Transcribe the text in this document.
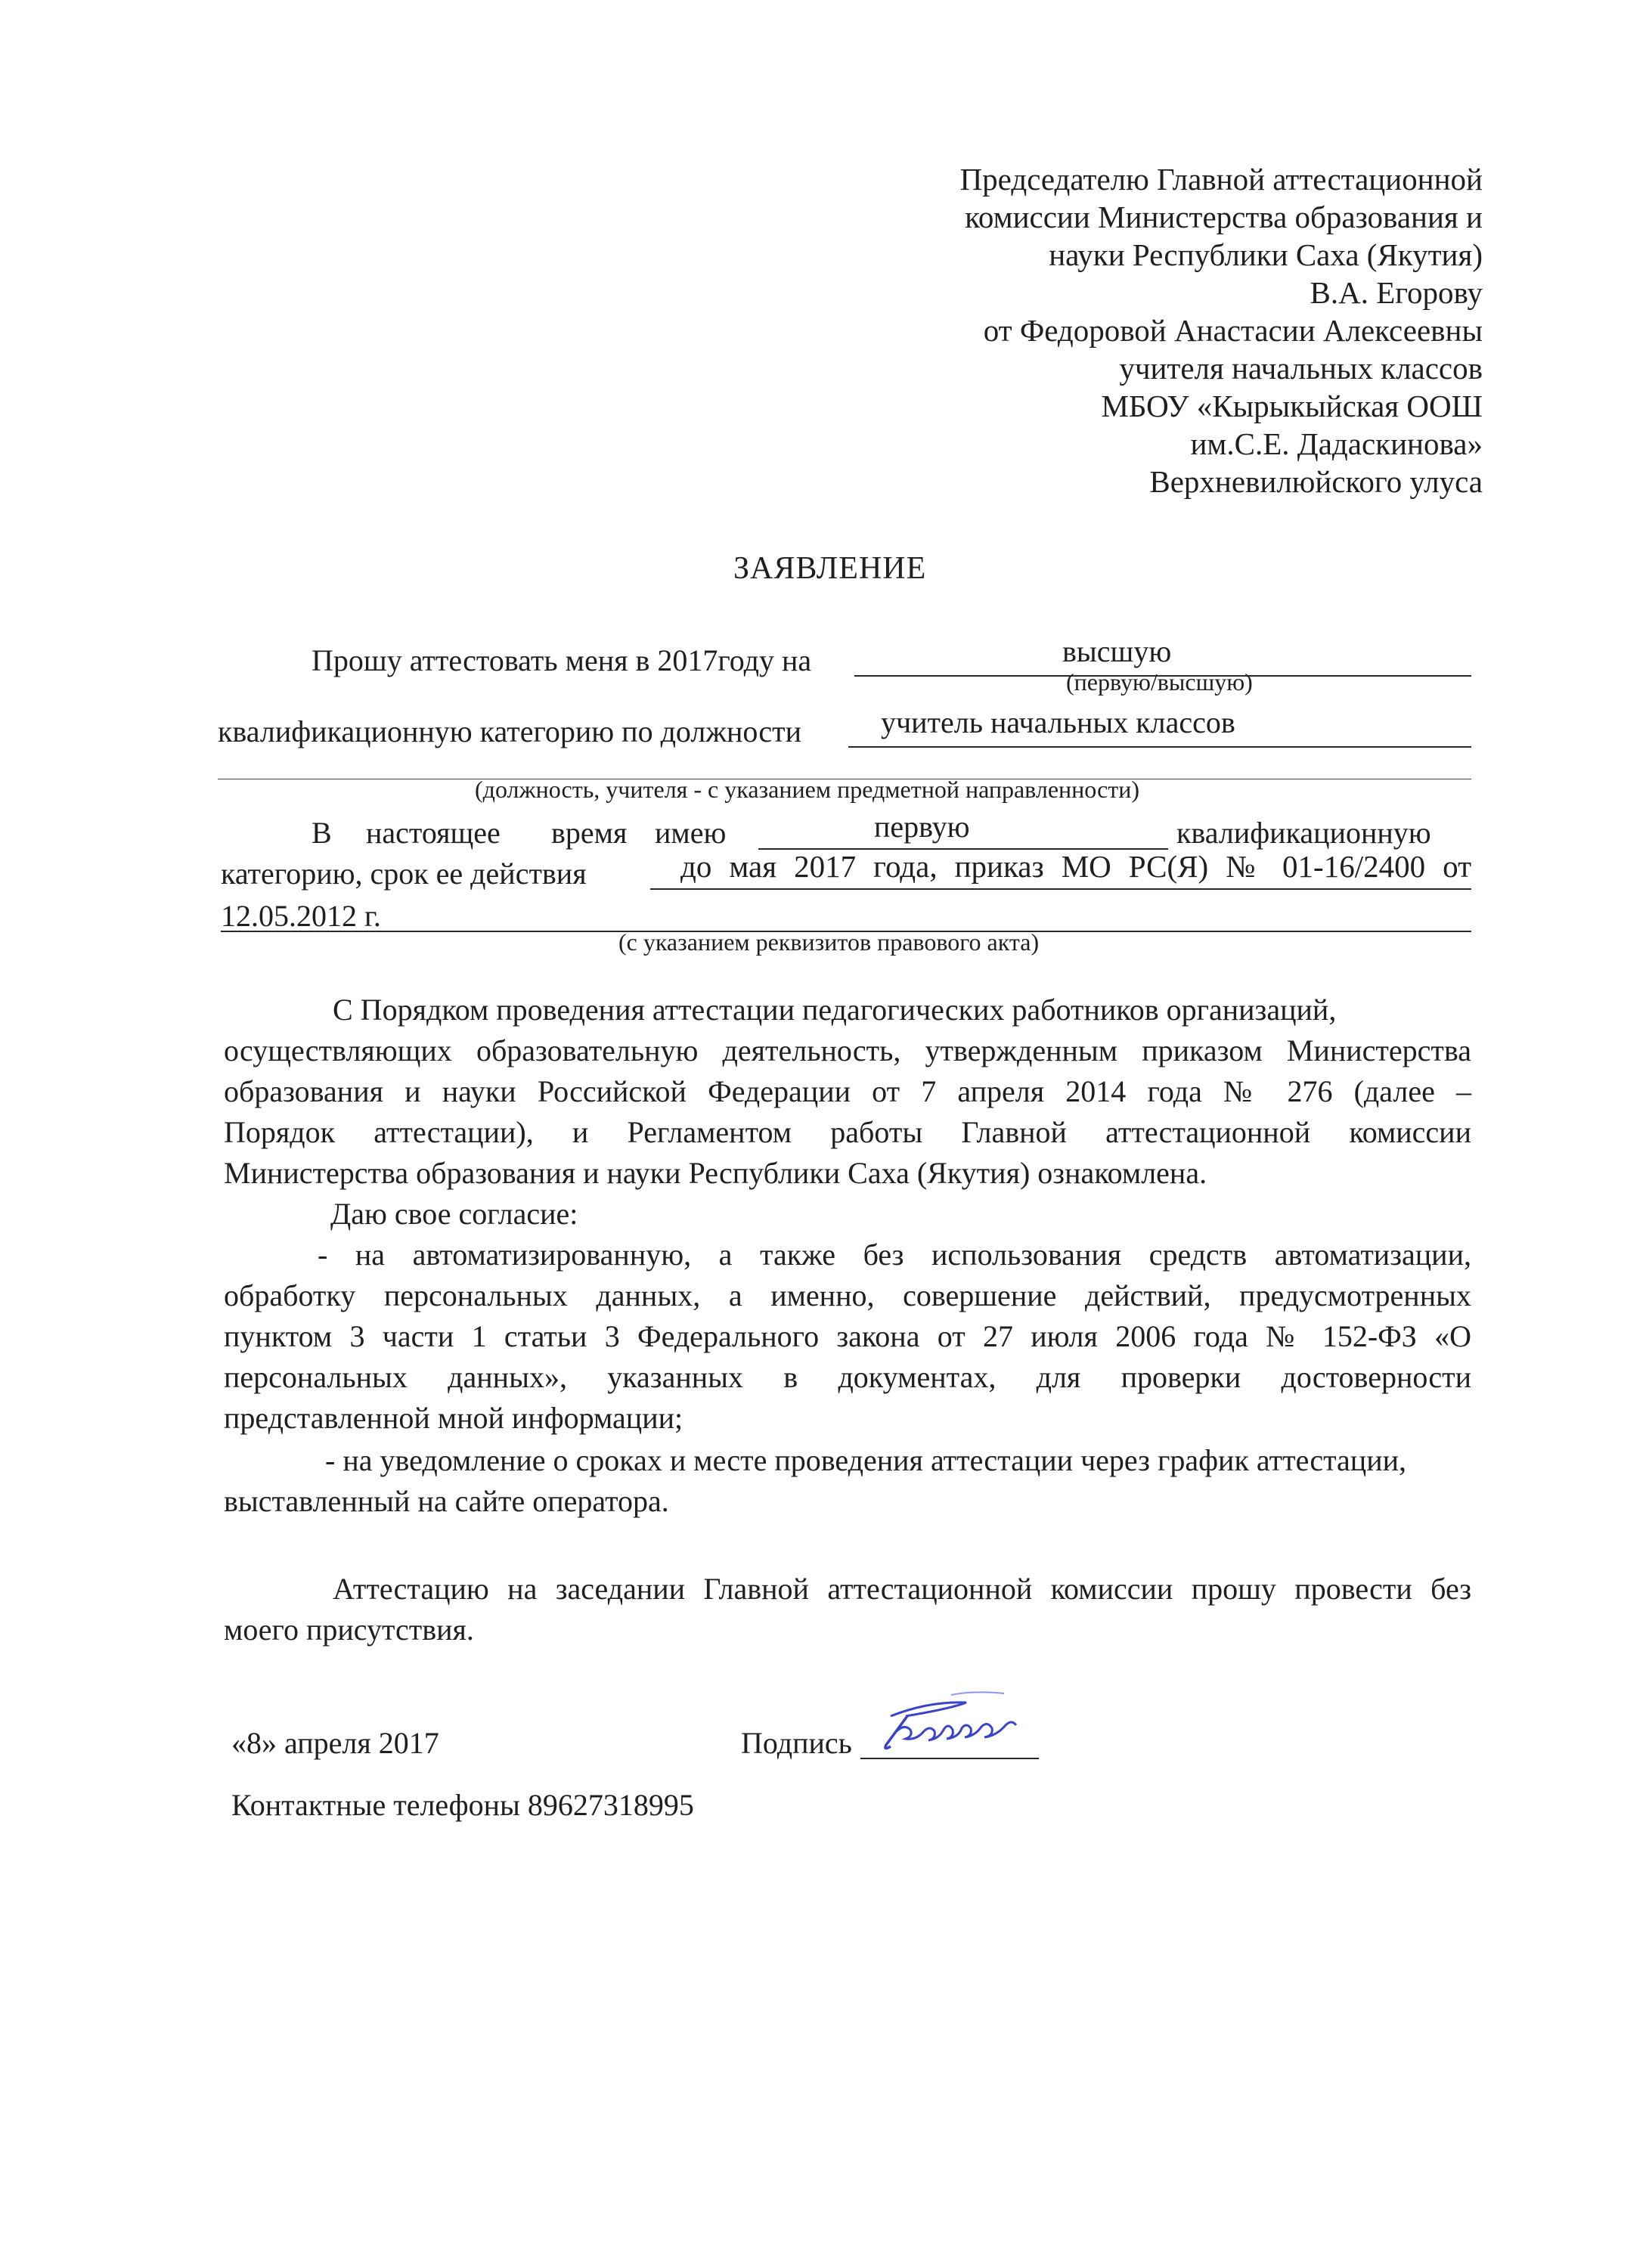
Председателю Главной аттестационной
комиссии Министерства образования и
науки Республики Саха (Якутия)
В.А. Егорову
от Федоровой Анастасии Алексеевны
учителя начальных классов
МБОУ «Кырыкыйская ООШ
им.С.Е. Дадаскинова»
Верхневилюйского улуса
ЗАЯВЛЕНИЕ
Прошу аттестовать меня в 2017году на	высшую
(первую/высшую)
квалификационную категорию по должности	учитель начальных классов
(должность, учителя - с указанием предметной направленности)
В настоящее время имею	первую	квалификационную
категорию, срок ее действия	до мая 2017 года, приказ МО РС(Я) № 01-16/2400 от
12.05.2012 г.
(с указанием реквизитов правового акта)
С Порядком проведения аттестации педагогических работников организаций,
осуществляющих образовательную деятельность, утвержденным приказом Министерства
образования и науки Российской Федерации от 7 апреля 2014 года № 276 (далее –
Порядок аттестации), и Регламентом работы Главной аттестационной комиссии
Министерства образования и науки Республики Саха (Якутия) ознакомлена.
Даю свое согласие:
- на автоматизированную, а также без использования средств автоматизации,
обработку персональных данных, а именно, совершение действий, предусмотренных
пунктом 3 части 1 статьи 3 Федерального закона от 27 июля 2006 года № 152-ФЗ «О
персональных данных», указанных в документах, для проверки достоверности
представленной мной информации;
- на уведомление о сроках и месте проведения аттестации через график аттестации,
выставленный на сайте оператора.
Аттестацию на заседании Главной аттестационной комиссии прошу провести без
моего присутствия.
«8» апреля 2017	Подпись
Контактные телефоны 89627318995
